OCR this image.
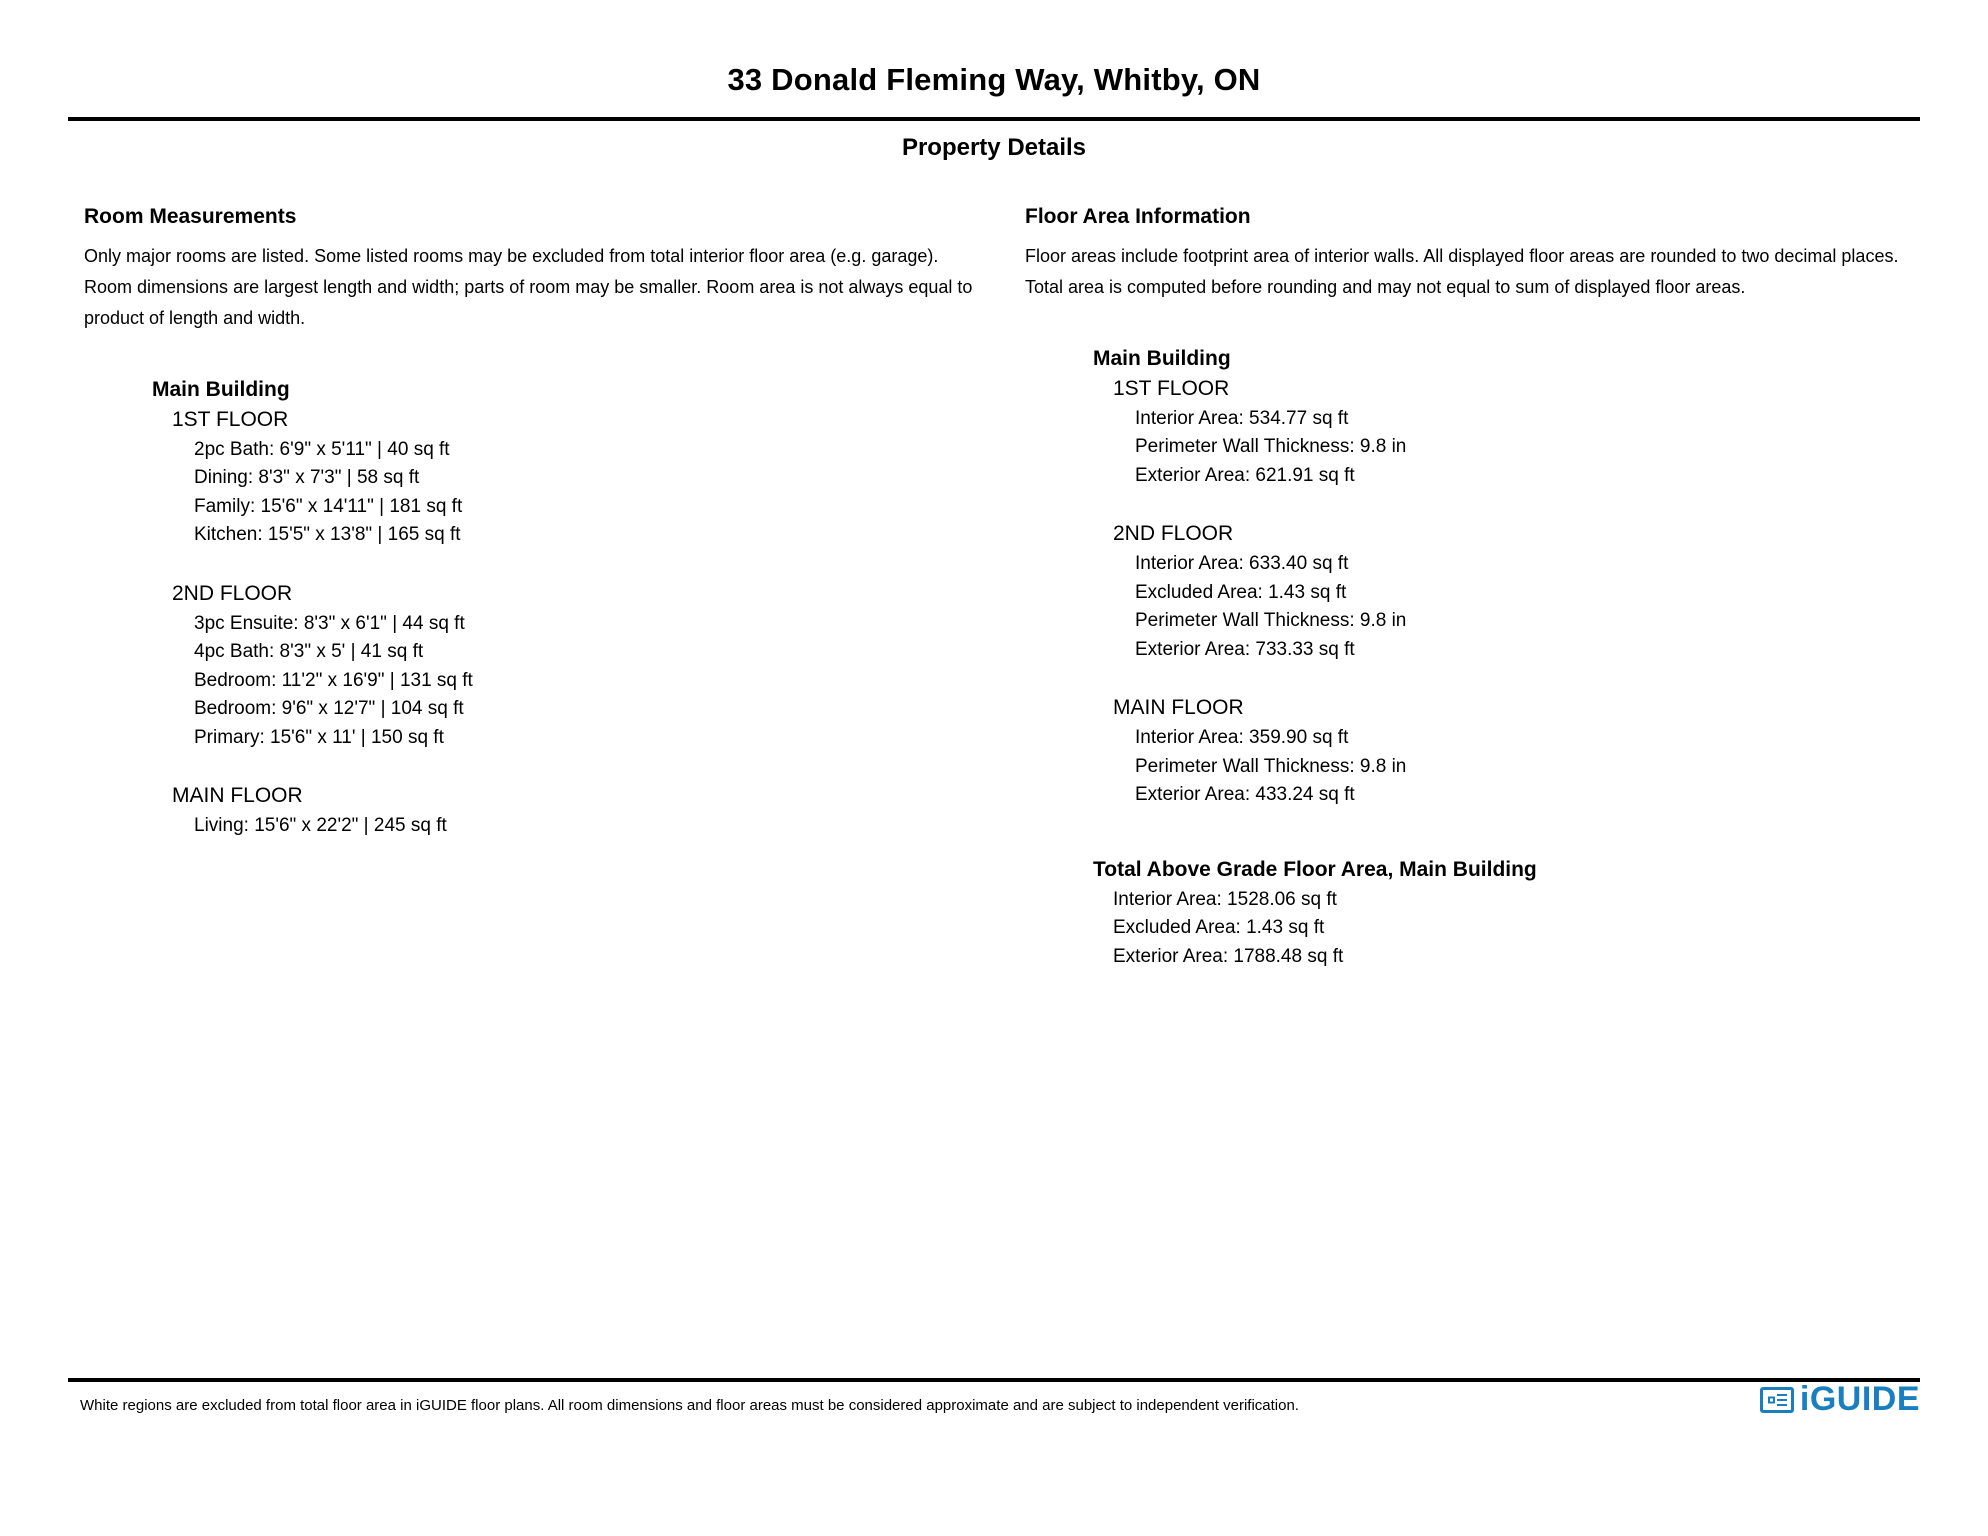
33 Donald Fleming Way, Whitby, ON
Property Details
Room Measurements

Only major rooms are listed. Some listed rooms may be excluded from total interior floor area (e.g. garage). Room dimensions are largest length and width; parts of room may be smaller. Room area is not always equal to product of length and width.

Main Building
1ST FLOOR
2pc Bath: 6'9" x 5'11" | 40 sq ft
Dining: 8'3" x 7'3" | 58 sq ft
Family: 15'6" x 14'11" | 181 sq ft
Kitchen: 15'5" x 13'8" | 165 sq ft
2ND FLOOR
3pc Ensuite: 8'3" x 6'1" | 44 sq ft
4pc Bath: 8'3" x 5' | 41 sq ft
Bedroom: 11'2" x 16'9" | 131 sq ft
Bedroom: 9'6" x 12'7" | 104 sq ft
Primary: 15'6" x 11' | 150 sq ft
MAIN FLOOR
Living: 15'6" x 22'2" | 245 sq ft
Floor Area Information

Floor areas include footprint area of interior walls. All displayed floor areas are rounded to two decimal places. Total area is computed before rounding and may not equal to sum of displayed floor areas.

Main Building
1ST FLOOR
Interior Area: 534.77 sq ft
Perimeter Wall Thickness: 9.8 in
Exterior Area: 621.91 sq ft
2ND FLOOR
Interior Area: 633.40 sq ft
Excluded Area: 1.43 sq ft
Perimeter Wall Thickness: 9.8 in
Exterior Area: 733.33 sq ft
MAIN FLOOR
Interior Area: 359.90 sq ft
Perimeter Wall Thickness: 9.8 in
Exterior Area: 433.24 sq ft
Total Above Grade Floor Area, Main Building
Interior Area: 1528.06 sq ft
Excluded Area: 1.43 sq ft
Exterior Area: 1788.48 sq ft
White regions are excluded from total floor area in iGUIDE floor plans. All room dimensions and floor areas must be considered approximate and are subject to independent verification.	iGUIDE
